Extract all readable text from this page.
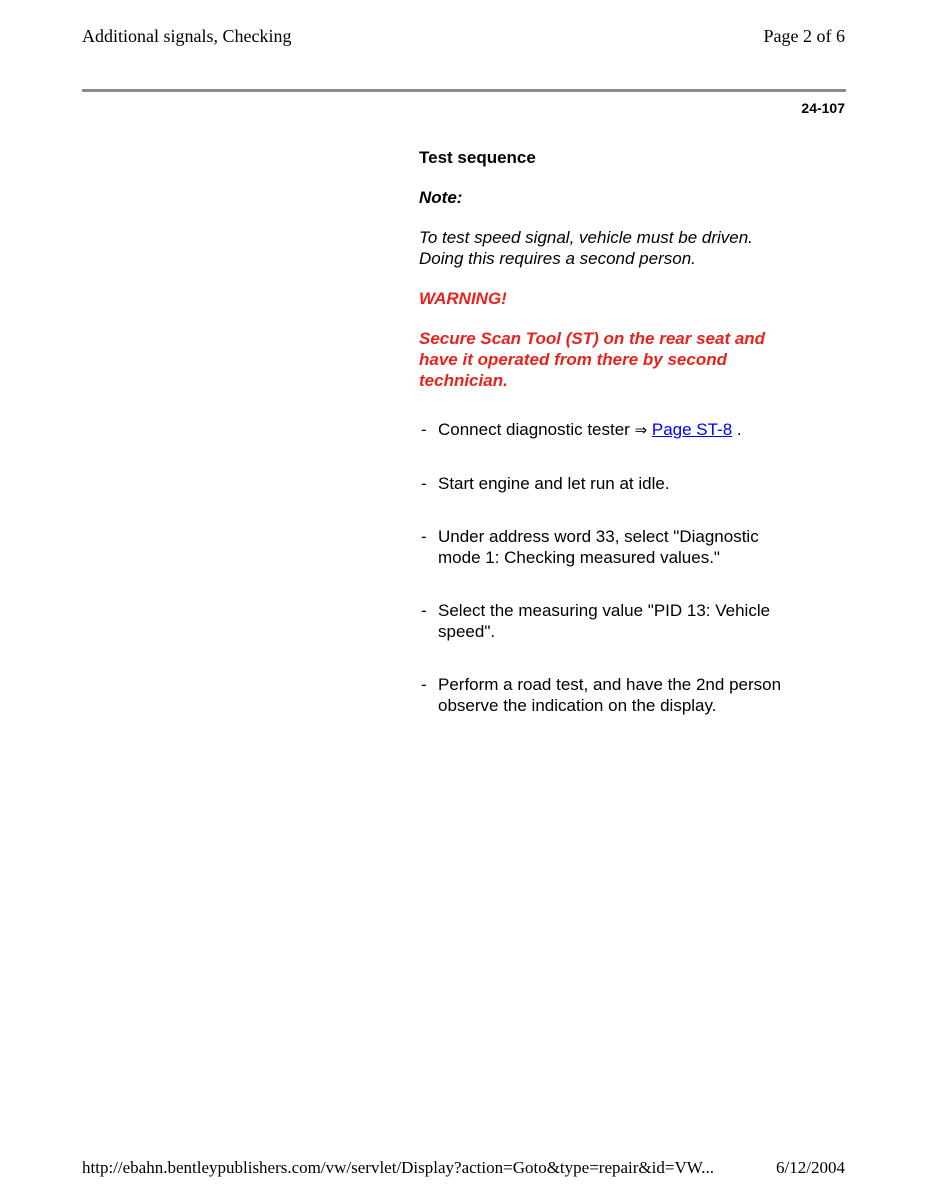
Additional signals, Checking	Page 2 of 6
24-107
Test sequence
Note:
To test speed signal, vehicle must be driven.
Doing this requires a second person.
WARNING!
Secure Scan Tool (ST) on the rear seat and
have it operated from there by second
technician.
- Connect diagnostic tester ⇒ Page ST-8 .
- Start engine and let run at idle.
- Under address word 33, select "Diagnostic
mode 1: Checking measured values."
- Select the measuring value "PID 13: Vehicle
speed".
- Perform a road test, and have the 2nd person
observe the indication on the display.
http://ebahn.bentleypublishers.com/vw/servlet/Display?action=Goto&type=repair&id=VW...	6/12/2004
